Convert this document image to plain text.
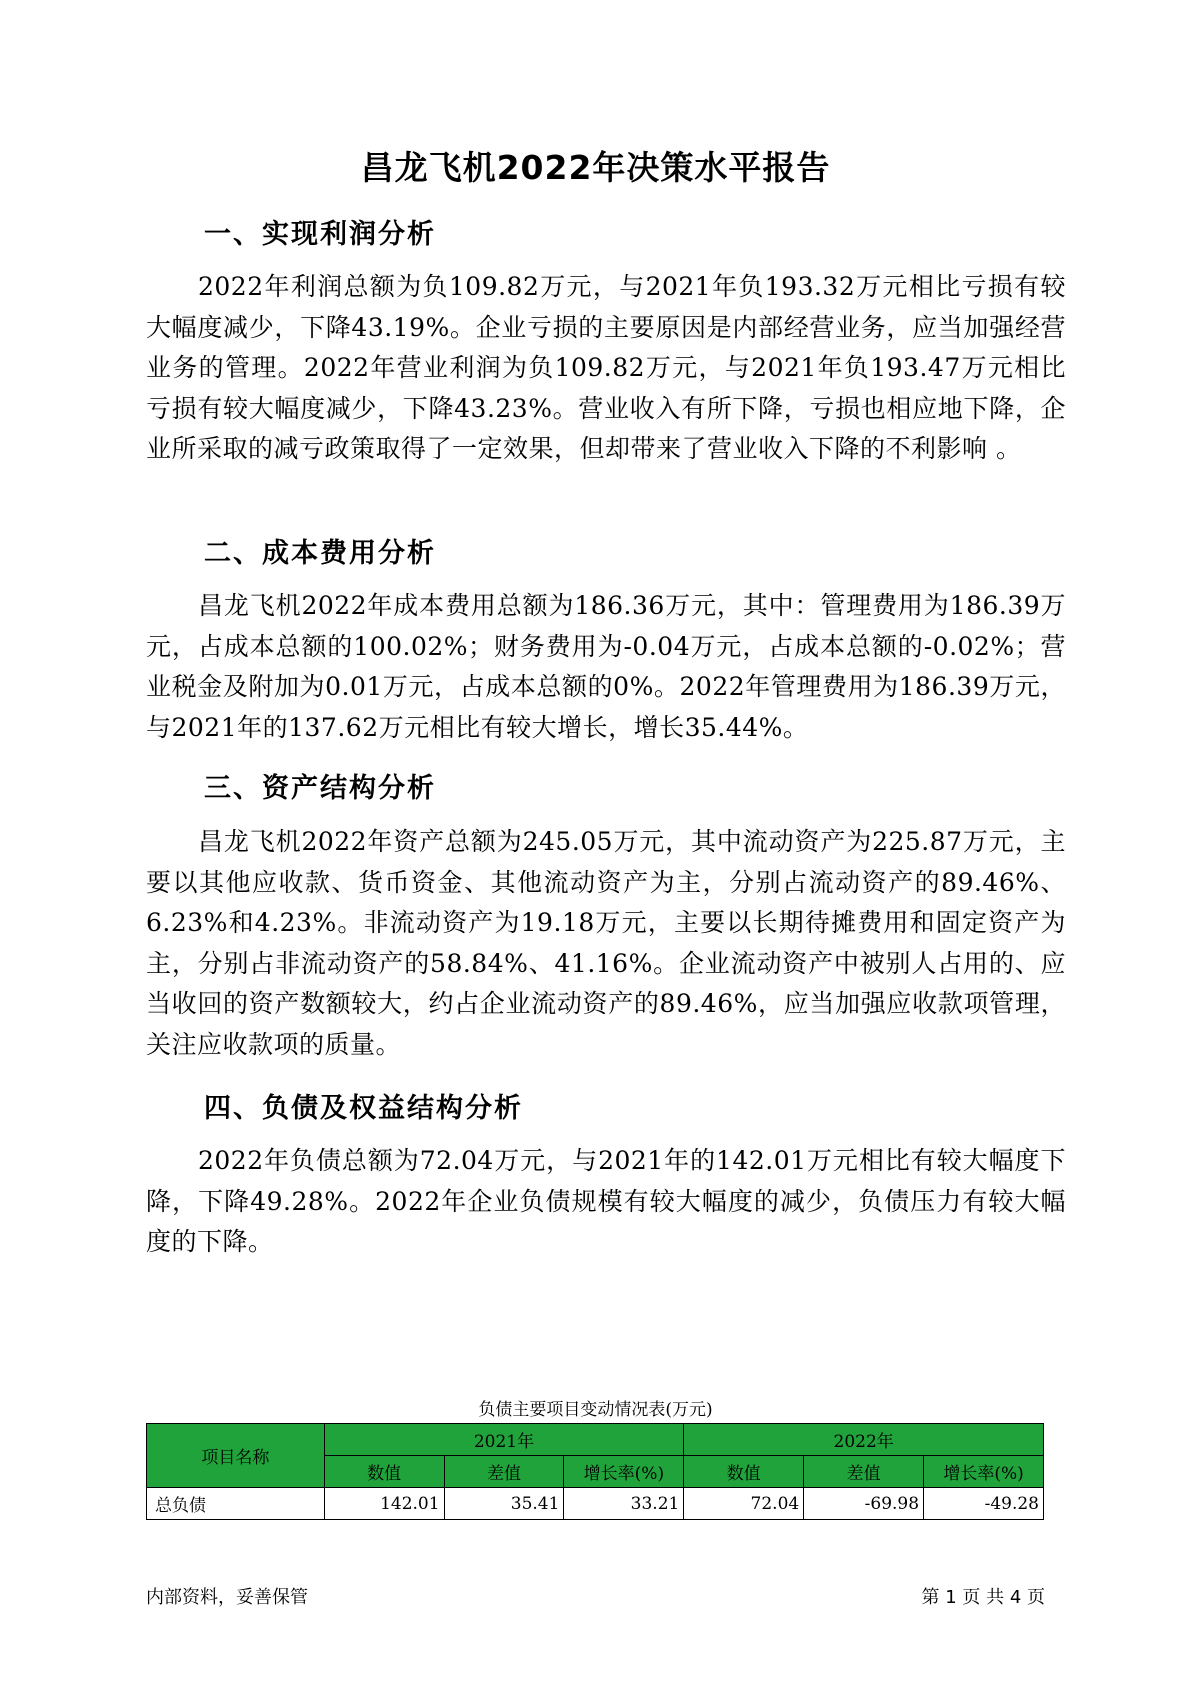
昌龙飞机2022年决策水平报告
一、实现利润分析
2022年利润总额为负109.82万元，与2021年负193.32万元相比亏损有较大幅度减少，下降43.19%。企业亏损的主要原因是内部经营业务，应当加强经营业务的管理。2022年营业利润为负109.82万元，与2021年负193.47万元相比亏损有较大幅度减少，下降43.23%。营业收入有所下降，亏损也相应地下降，企业所采取的减亏政策取得了一定效果，但却带来了营业收入下降的不利影响 。
二、成本费用分析
昌龙飞机2022年成本费用总额为186.36万元，其中：管理费用为186.39万元，占成本总额的100.02%；财务费用为-0.04万元，占成本总额的-0.02%；营业税金及附加为0.01万元，占成本总额的0%。2022年管理费用为186.39万元，与2021年的137.62万元相比有较大增长，增长35.44%。
三、资产结构分析
昌龙飞机2022年资产总额为245.05万元，其中流动资产为225.87万元，主要以其他应收款、货币资金、其他流动资产为主，分别占流动资产的89.46%、6.23%和4.23%。非流动资产为19.18万元，主要以长期待摊费用和固定资产为主，分别占非流动资产的58.84%、41.16%。企业流动资产中被别人占用的、应当收回的资产数额较大，约占企业流动资产的89.46%，应当加强应收款项管理，关注应收款项的质量。
四、负债及权益结构分析
2022年负债总额为72.04万元，与2021年的142.01万元相比有较大幅度下降，下降49.28%。2022年企业负债规模有较大幅度的减少，负债压力有较大幅度的下降。
负债主要项目变动情况表(万元)
项目名称	2021年			2022年		
	数值	差值	增长率(%)	数值	差值	增长率(%)
总负债	142.01	35.41	33.21	72.04	-69.98	-49.28
内部资料，妥善保管	第 1 页 共 4 页
